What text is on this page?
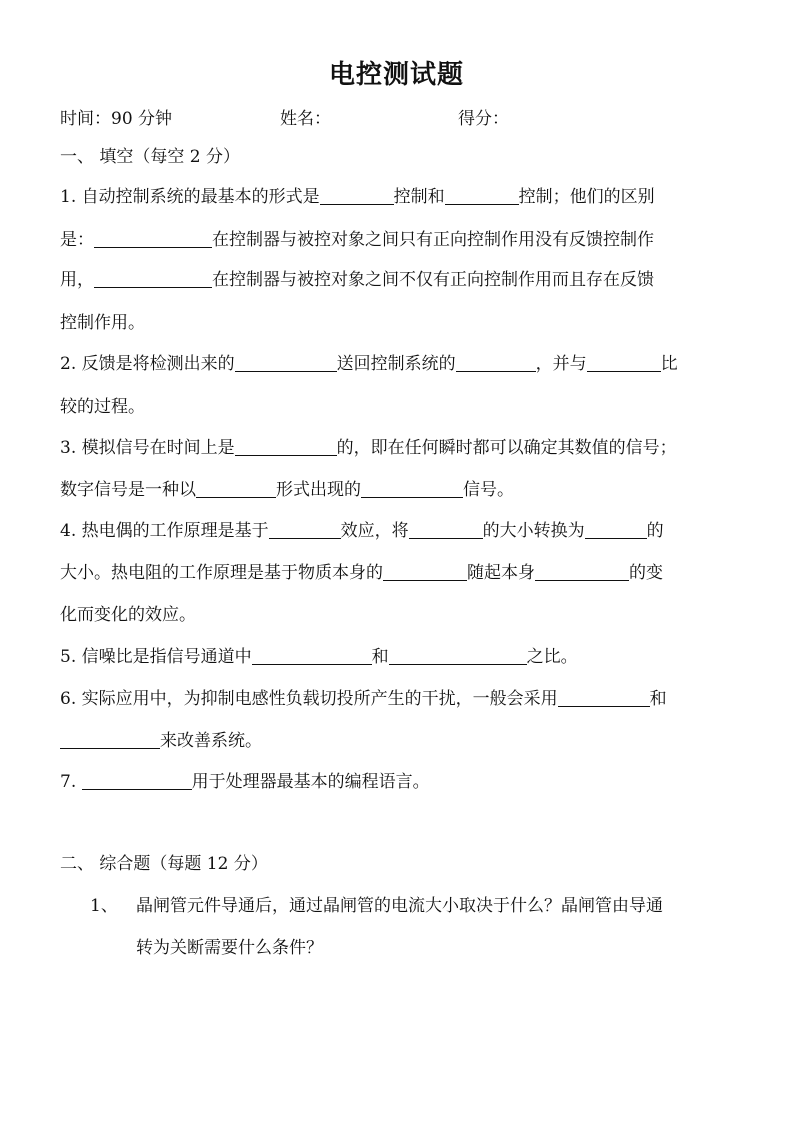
电控测试题
时间：90 分钟	姓名：	得分：
一、 填空（每空 2 分）
1. 自动控制系统的最基本的形式是	控制和	控制；他们的区别
是：	在控制器与被控对象之间只有正向控制作用没有反馈控制作
用，	在控制器与被控对象之间不仅有正向控制作用而且存在反馈
控制作用。
2. 反馈是将检测出来的	送回控制系统的	，并与	比
较的过程。
3. 模拟信号在时间上是	的，即在任何瞬时都可以确定其数值的信号；
数字信号是一种以	形式出现的	信号。
4. 热电偶的工作原理是基于	效应，将	的大小转换为	的
大小。热电阻的工作原理是基于物质本身的	随起本身	的变
化而变化的效应。
5. 信噪比是指信号通道中	和	之比。
6. 实际应用中，为抑制电感性负载切投所产生的干扰，一般会采用	和
来改善系统。
7.	用于处理器最基本的编程语言。
二、 综合题（每题 12 分）
1、 晶闸管元件导通后，通过晶闸管的电流大小取决于什么？晶闸管由导通
转为关断需要什么条件？
